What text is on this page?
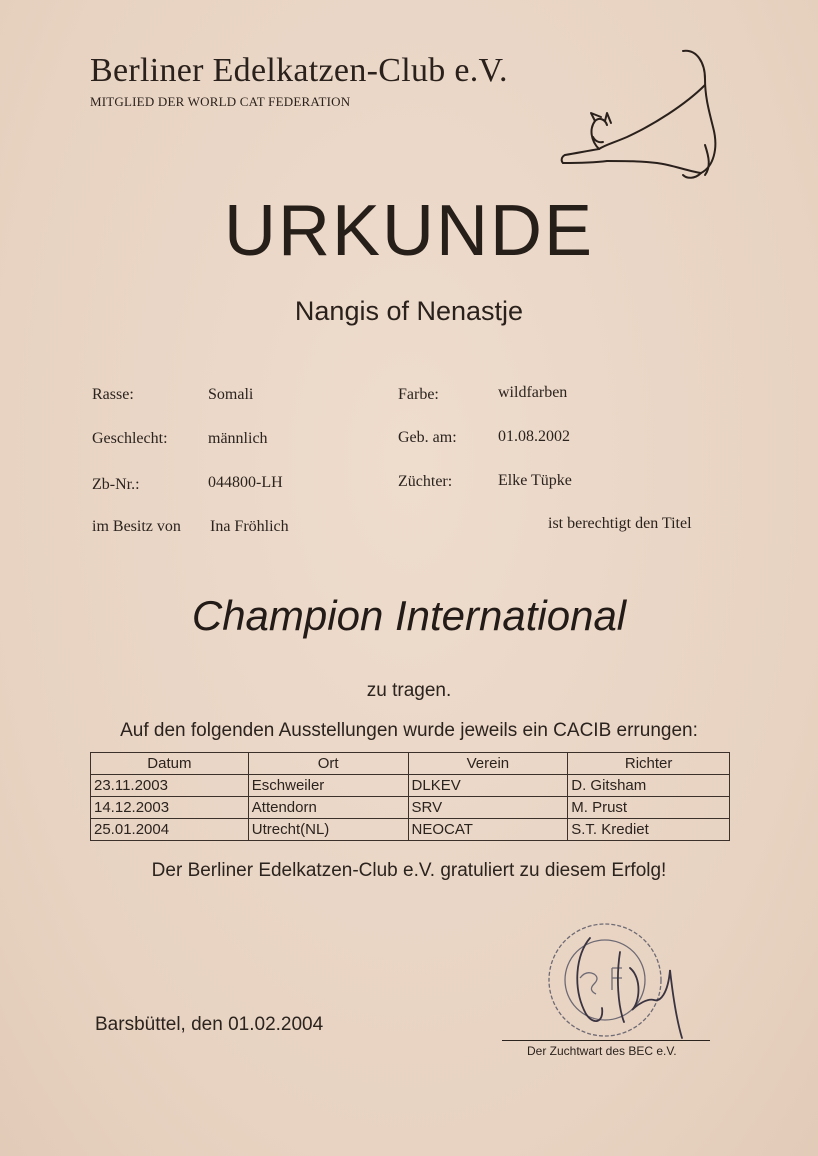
Berliner Edelkatzen-Club e.V.
MITGLIED DER WORLD CAT FEDERATION
URKUNDE
Nangis of Nenastje
Rasse:	Somali	Farbe:	wildfarben
Geschlecht:	männlich	Geb. am:	01.08.2002
Zb-Nr.:	044800-LH	Züchter:	Elke Tüpke
im Besitz von Ina Fröhlich	ist berechtigt den Titel
Champion International
zu tragen.
Auf den folgenden Ausstellungen wurde jeweils ein CACIB errungen:
Datum	Ort	Verein	Richter
23.11.2003	Eschweiler	DLKEV	D. Gitsham
14.12.2003	Attendorn	SRV	M. Prust
25.01.2004	Utrecht(NL)	NEOCAT	S.T. Krediet
Der Berliner Edelkatzen-Club e.V. gratuliert zu diesem Erfolg!
Barsbüttel, den 01.02.2004
Der Zuchtwart des BEC e.V.
